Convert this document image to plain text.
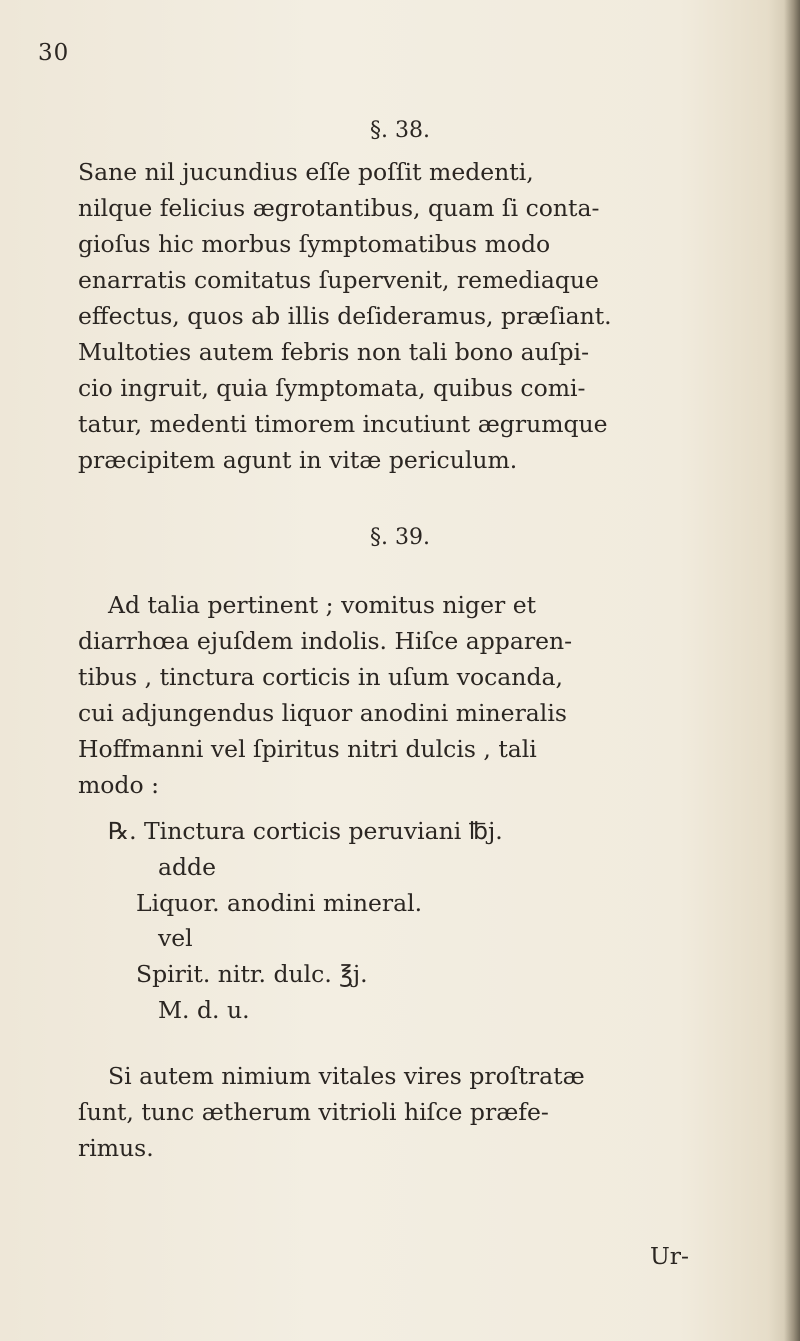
30
§. 38.
Sane nil jucundius eſſe poſſit medenti,
nilque felicius ægrotantibus, quam ſi conta-
gioſus hic morbus ſymptomatibus modo
enarratis comitatus ſupervenit, remediaque
effectus, quos ab illis deſideramus, præſiant.
Multoties autem febris non tali bono auſpi-
cio ingruit, quia ſymptomata, quibus comi-
tatur, medenti timorem incutiunt ægrumque
præcipitem agunt in vitæ periculum.
§. 39.
Ad talia pertinent ; vomitus niger et
diarrhœa ejuſdem indolis. Hiſce apparen-
tibus , tinctura corticis in uſum vocanda,
cui adjungendus liquor anodini mineralis
Hoffmanni vel ſpiritus nitri dulcis , tali
modo :
℞. Tinctura corticis peruviani ℔j.
adde
Liquor. anodini mineral.
vel
Spirit. nitr. dulc. ℥j.
M. d. u.
Si autem nimium vitales vires proſtratæ
ſunt, tunc ætherum vitrioli hiſce præfe-
rimus.
Ur-
